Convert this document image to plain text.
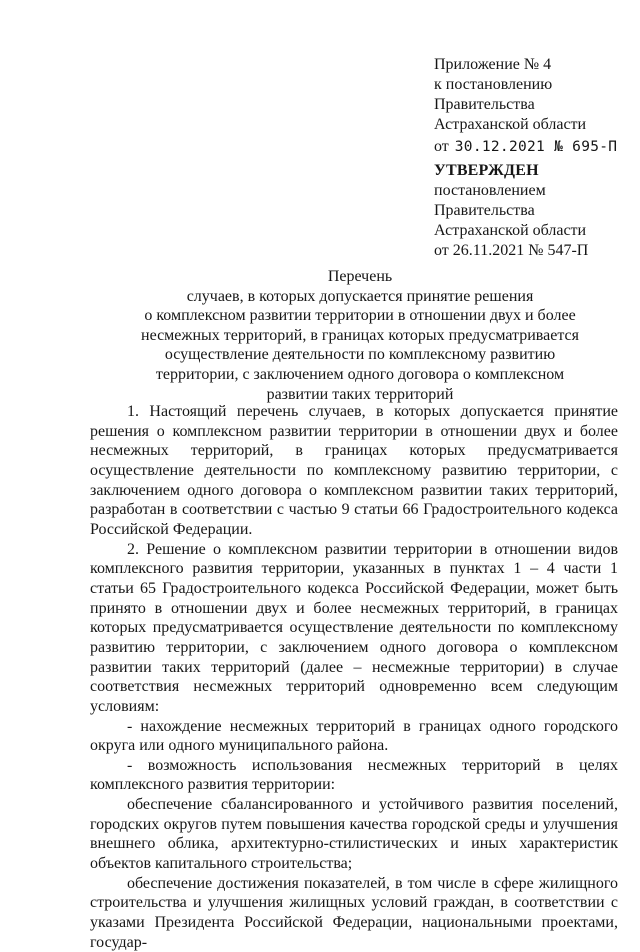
Приложение № 4
к постановлению
Правительства
Астраханской области
от 30.12.2021 № 695-П
УТВЕРЖДЕН
постановлением
Правительства
Астраханской области
от 26.11.2021 № 547-П
Перечень
случаев, в которых допускается принятие решения
о комплексном развитии территории в отношении двух и более
несмежных территорий, в границах которых предусматривается
осуществление деятельности по комплексному развитию
территории, с заключением одного договора о комплексном
развитии таких территорий

1. Настоящий перечень случаев, в которых допускается принятие решения о комплексном развитии территории в отношении двух и более несмежных территорий, в границах которых предусматривается осуществление деятельности по комплексному развитию территории, с заключением одного договора о комплексном развитии таких территорий, разработан в соответствии с частью 9 статьи 66 Градостроительного кодекса Российской Федерации.

2. Решение о комплексном развитии территории в отношении видов комплексного развития территории, указанных в пунктах 1 – 4 части 1 статьи 65 Градостроительного кодекса Российской Федерации, может быть принято в отношении двух и более несмежных территорий, в границах которых предусматривается осуществление деятельности по комплексному развитию территории, с заключением одного договора о комплексном развитии таких территорий (далее – несмежные территории) в случае соответствия несмежных территорий одновременно всем следующим условиям:

- нахождение несмежных территорий в границах одного городского округа или одного муниципального района.

- возможность использования несмежных территорий в целях комплексного развития территории:

обеспечение сбалансированного и устойчивого развития поселений, городских округов путем повышения качества городской среды и улучшения внешнего облика, архитектурно-стилистических и иных характеристик объектов капитального строительства;

обеспечение достижения показателей, в том числе в сфере жилищного строительства и улучшения жилищных условий граждан, в соответствии с указами Президента Российской Федерации, национальными проектами, государ-
